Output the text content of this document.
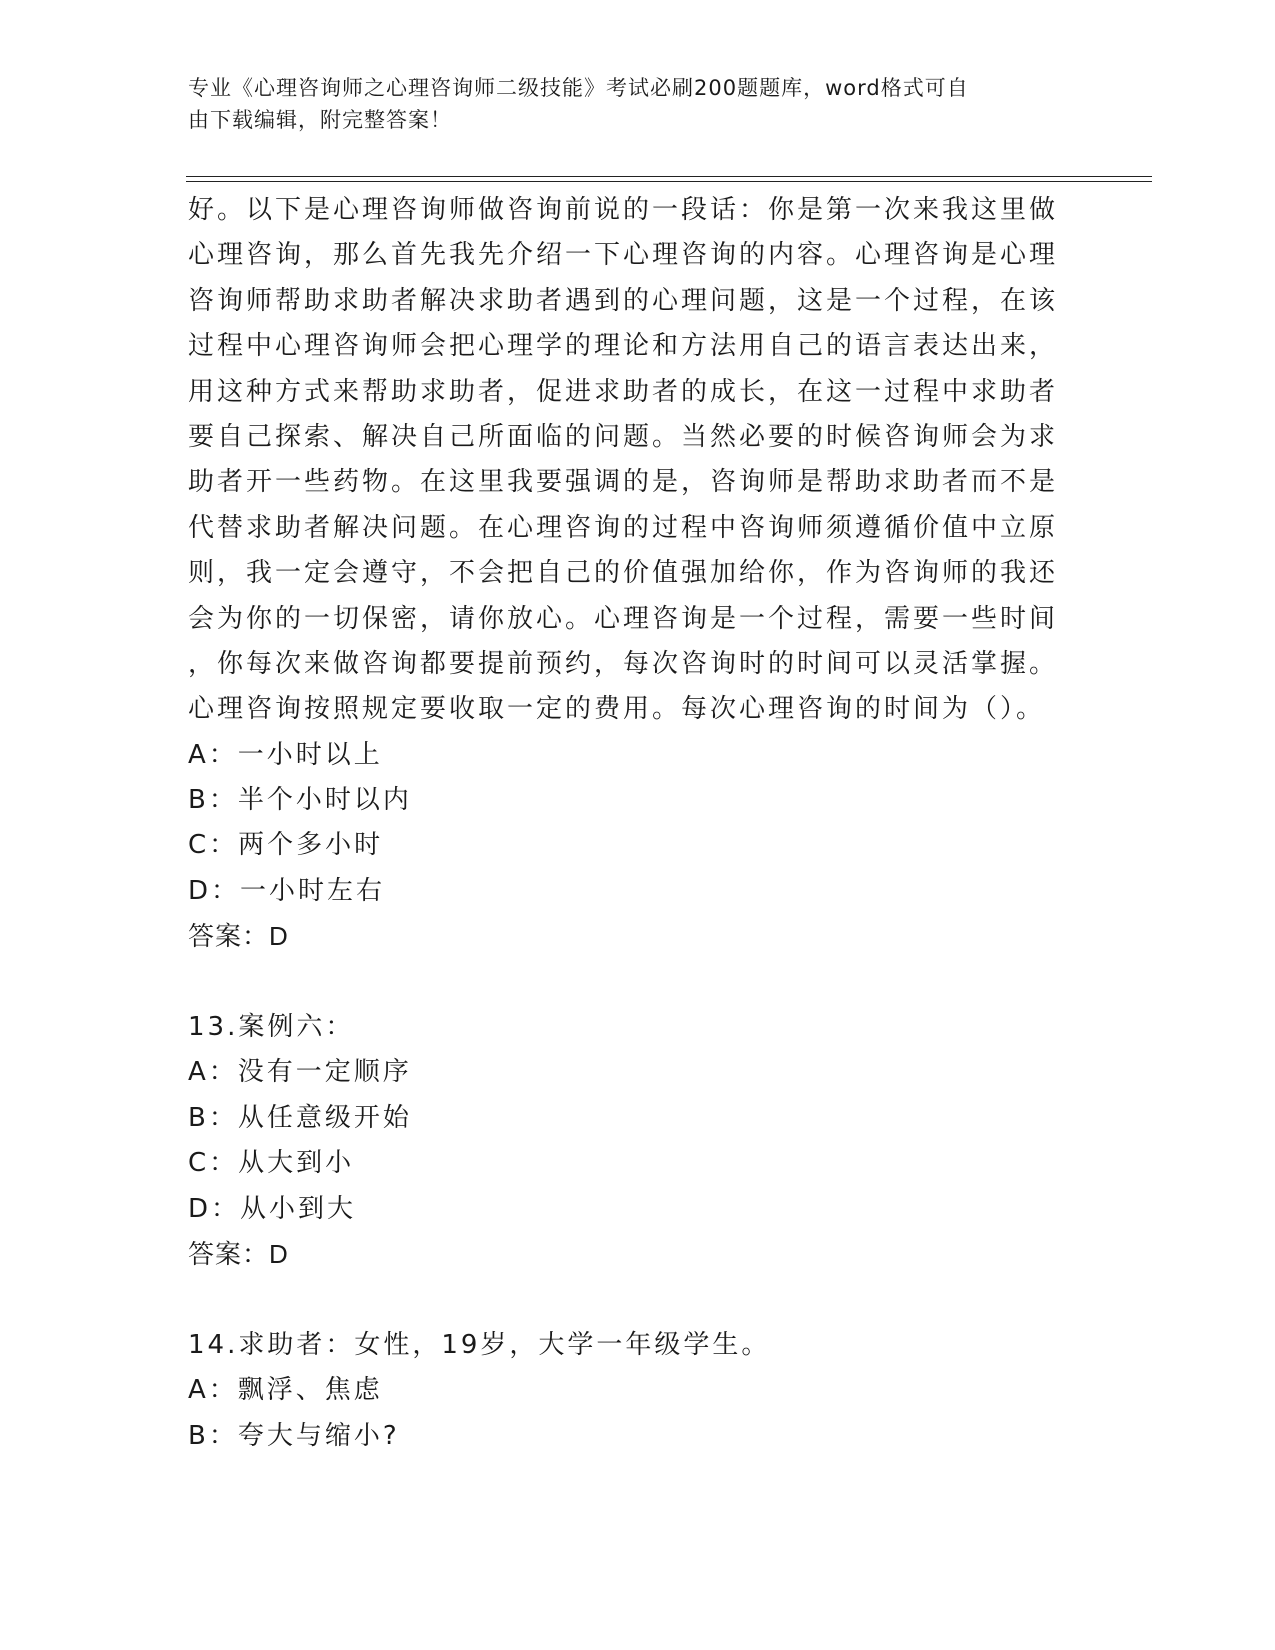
专业《心理咨询师之心理咨询师二级技能》考试必刷200题题库，word格式可自
由下载编辑，附完整答案！
好。以下是心理咨询师做咨询前说的一段话：你是第一次来我这里做
心理咨询，那么首先我先介绍一下心理咨询的内容。心理咨询是心理
咨询师帮助求助者解决求助者遇到的心理问题，这是一个过程，在该
过程中心理咨询师会把心理学的理论和方法用自己的语言表达出来，
用这种方式来帮助求助者，促进求助者的成长，在这一过程中求助者
要自己探索、解决自己所面临的问题。当然必要的时候咨询师会为求
助者开一些药物。在这里我要强调的是，咨询师是帮助求助者而不是
代替求助者解决问题。在心理咨询的过程中咨询师须遵循价值中立原
则，我一定会遵守，不会把自己的价值强加给你，作为咨询师的我还
会为你的一切保密，请你放心。心理咨询是一个过程，需要一些时间
，你每次来做咨询都要提前预约，每次咨询时的时间可以灵活掌握。
心理咨询按照规定要收取一定的费用。每次心理咨询的时间为（）。
A：一小时以上
B：半个小时以内
C：两个多小时
D：一小时左右
答案：D
13.案例六：
A：没有一定顺序
B：从任意级开始
C：从大到小
D：从小到大
答案：D
14.求助者：女性，19岁，大学一年级学生。
A：飘浮、焦虑
B：夸大与缩小?
